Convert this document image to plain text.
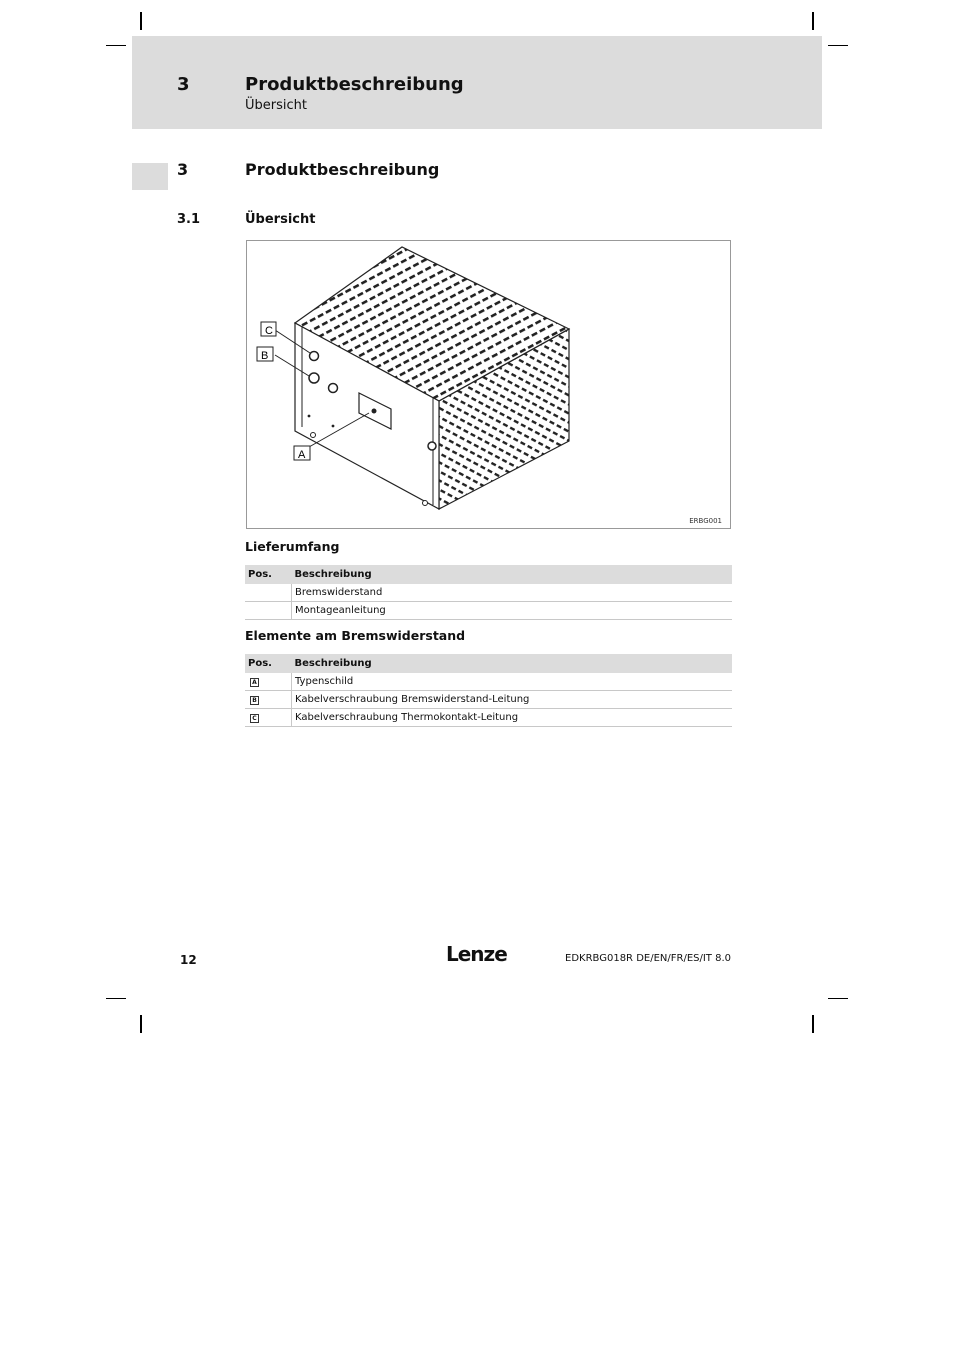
3	Produktbeschreibung
Übersicht
3	Produktbeschreibung
3.1	Übersicht
C
B
A
ERBG001
Lieferumfang
Pos.	Beschreibung
	Bremswiderstand
	Montageanleitung
Elemente am Bremswiderstand
Pos.	Beschreibung
A	Typenschild
B	Kabelverschraubung Bremswiderstand-Leitung
C	Kabelverschraubung Thermokontakt-Leitung
12	Lenze	EDKRBG018R DE/EN/FR/ES/IT 8.0
